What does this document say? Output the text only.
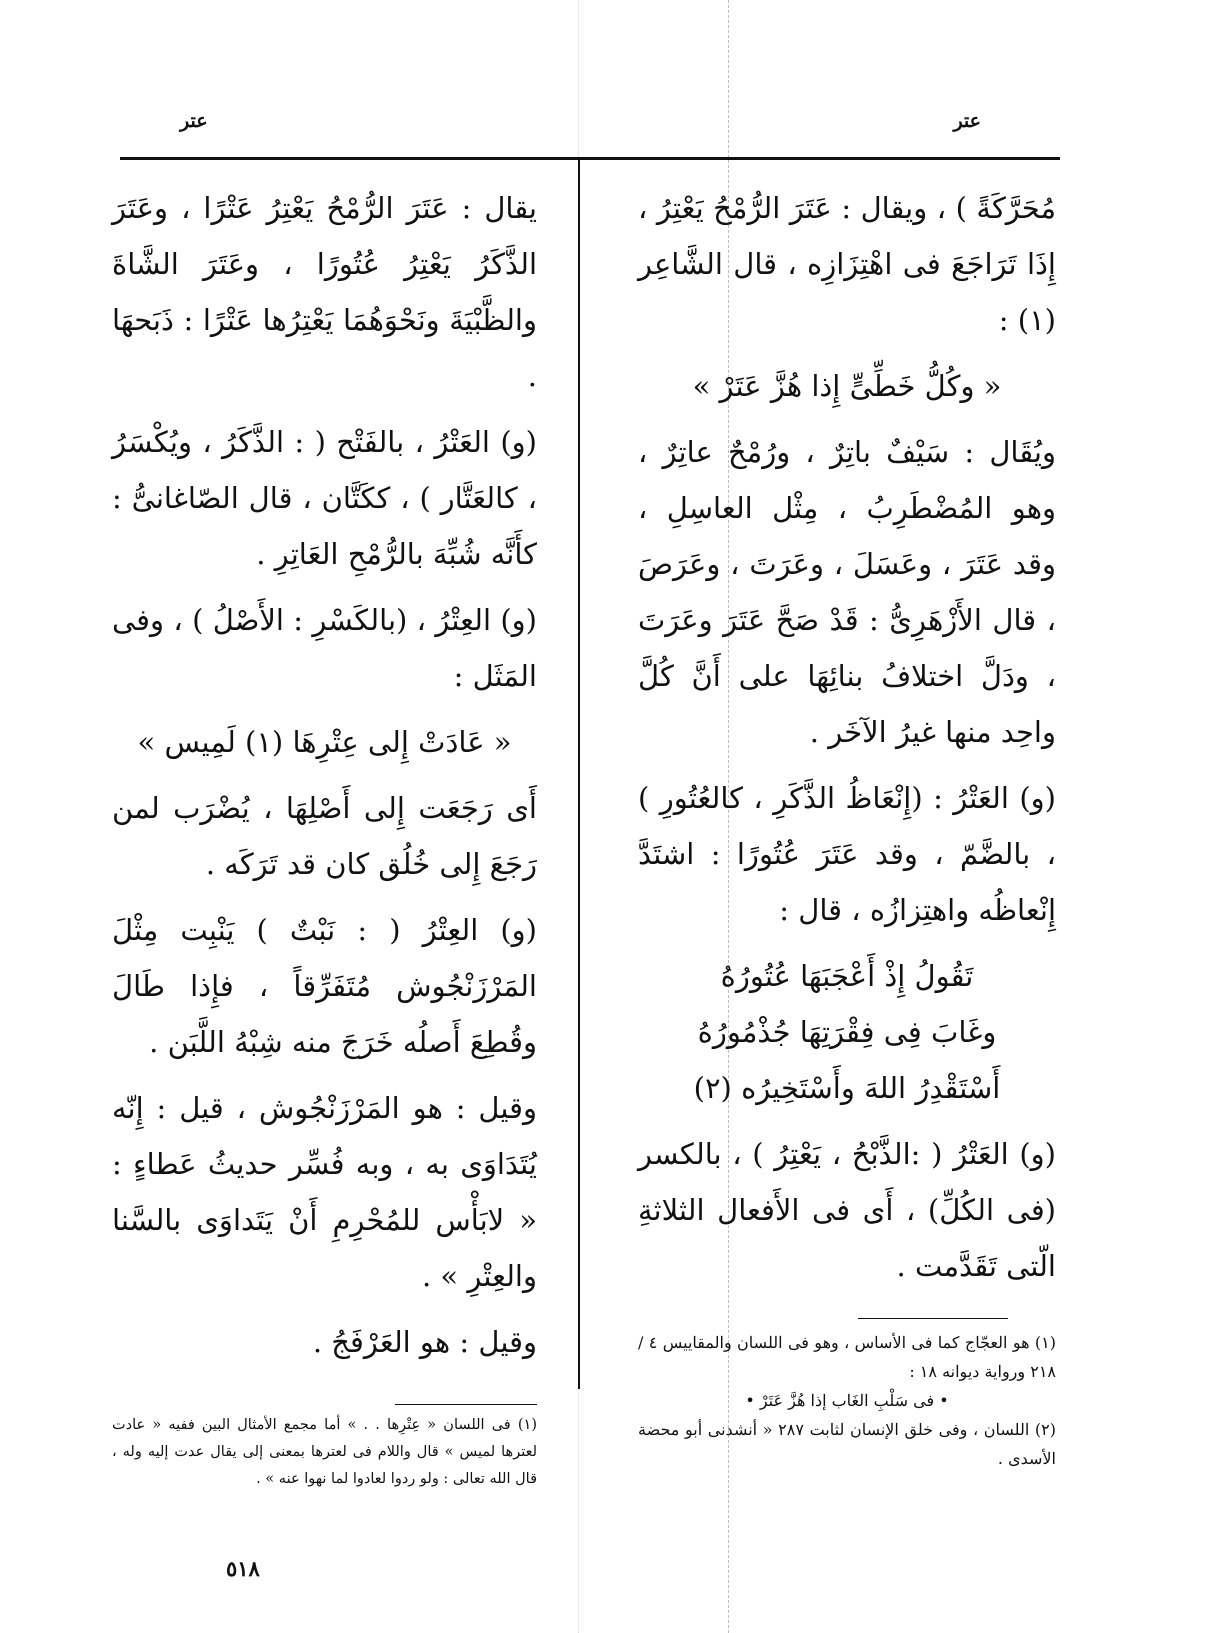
عتر
عتر

مُحَرَّكَةً ) ، ويقال : عَتَرَ الرُّمْحُ يَعْتِرُ ، إِذَا تَرَاجَعَ فى اهْتِزَازِه ، قال الشَّاعِر (١) :

« وكُلُّ خَطِّىٍّ إِذا هُزَّ عَتَرْ »

ويُقَال : سَيْفٌ باتِرٌ ، ورُمْحٌ عاتِرٌ ، وهو المُضْطَرِبُ ، مِثْل العاسِلِ ، وقد عَتَرَ ، وعَسَلَ ، وعَرَتَ ، وعَرَصَ ، قال الأَزْهَرِىُّ : قَدْ صَحَّ عَتَرَ وعَرَتَ ، ودَلَّ اختلافُ بنائِهَا على أَنَّ كُلَّ واحِد منها غيرُ الآخَر .

(و) العَتْرُ : (إِنْعَاظُ الذَّكَرِ ، كالعُتُورِ ) ، بالضَّمّ ، وقد عَتَرَ عُتُورًا : اشتَدَّ إِنْعاظُه واهتِزازُه ، قال :

تَقُولُ إِذْ أَعْجَبَهَا عُتُورُهُ
وغَابَ فِى فِقْرَتِهَا جُذْمُورُهُ
أَسْتَقْدِرُ اللهَ وأَسْتَخِيرُه (٢)

(و) العَتْرُ ( :الذَّبْحُ ، يَعْتِرُ ) ، بالكسر (فى الكُلِّ) ، أَى فى الأَفعال الثلاثةِ الّتى تَقَدَّمت .

يقال : عَتَرَ الرُّمْحُ يَعْتِرُ عَتْرًا ، وعَتَرَ الذَّكَرُ يَعْتِرُ عُتُورًا ، وعَتَرَ الشَّاةَ والظَّبْيَةَ ونَحْوَهُمَا يَعْتِرُها عَتْرًا : ذَبَحهَا .

(و) العَتْرُ ، بالفَتْح ( : الذَّكَرُ ، ويُكْسَرُ ، كالعَتَّار ) ، ككَتَّان ، قال الصّاغانىُّ : كأَنَّه شُبِّهَ بالرُّمْحِ العَاتِرِ .

(و) العِتْرُ ، (بالكَسْرِ : الأَصْلُ ) ، وفى المَثَل :

« عَادَتْ إِلى عِتْرِهَا (١) لَمِيس »

أَى رَجَعَت إِلى أَصْلِهَا ، يُضْرَب لمن رَجَعَ إِلى خُلُق كان قد تَرَكَه .

(و) العِتْرُ ( : نَبْتٌ ) يَنْبِت مِثْلَ المَرْزَنْجُوش مُتَفَرِّقاً ، فإِذا طَالَ وقُطِعَ أَصلُه خَرَجَ منه شِبْهُ اللَّبَن .

وقيل : هو المَرْزَنْجُوش ، قيل : إِنّه يُتَدَاوَى به ، وبه فُسِّر حديثُ عَطاءٍ : « لابَأْس للمُحْرِمِ أَنْ يَتَداوَى بالسَّنا والعِتْرِ » .

وقيل : هو العَرْفَجُ .	(١) هو العجّاج كما فى الأساس ، وهو فى اللسان والمقاييس ٤ / ٢١٨ ورواية ديوانه ١٨ :

• فى سَلْبِ الغَاب إذا هُزَّ عَتَرْ •

(٢) اللسان ، وفى خلق الإنسان لثابت ٢٨٧ « أنشدنى أبو محضة الأسدى .

(١) فى اللسان « عِتْرِها . . » أما مجمع الأمثال البين ففيه « عادت لعترها لميس » قال واللام فى لعترها بمعنى إلى يقال عدت إليه وله ، قال الله تعالى : ولو ردوا لعادوا لما نهوا عنه » .

٥١٨
